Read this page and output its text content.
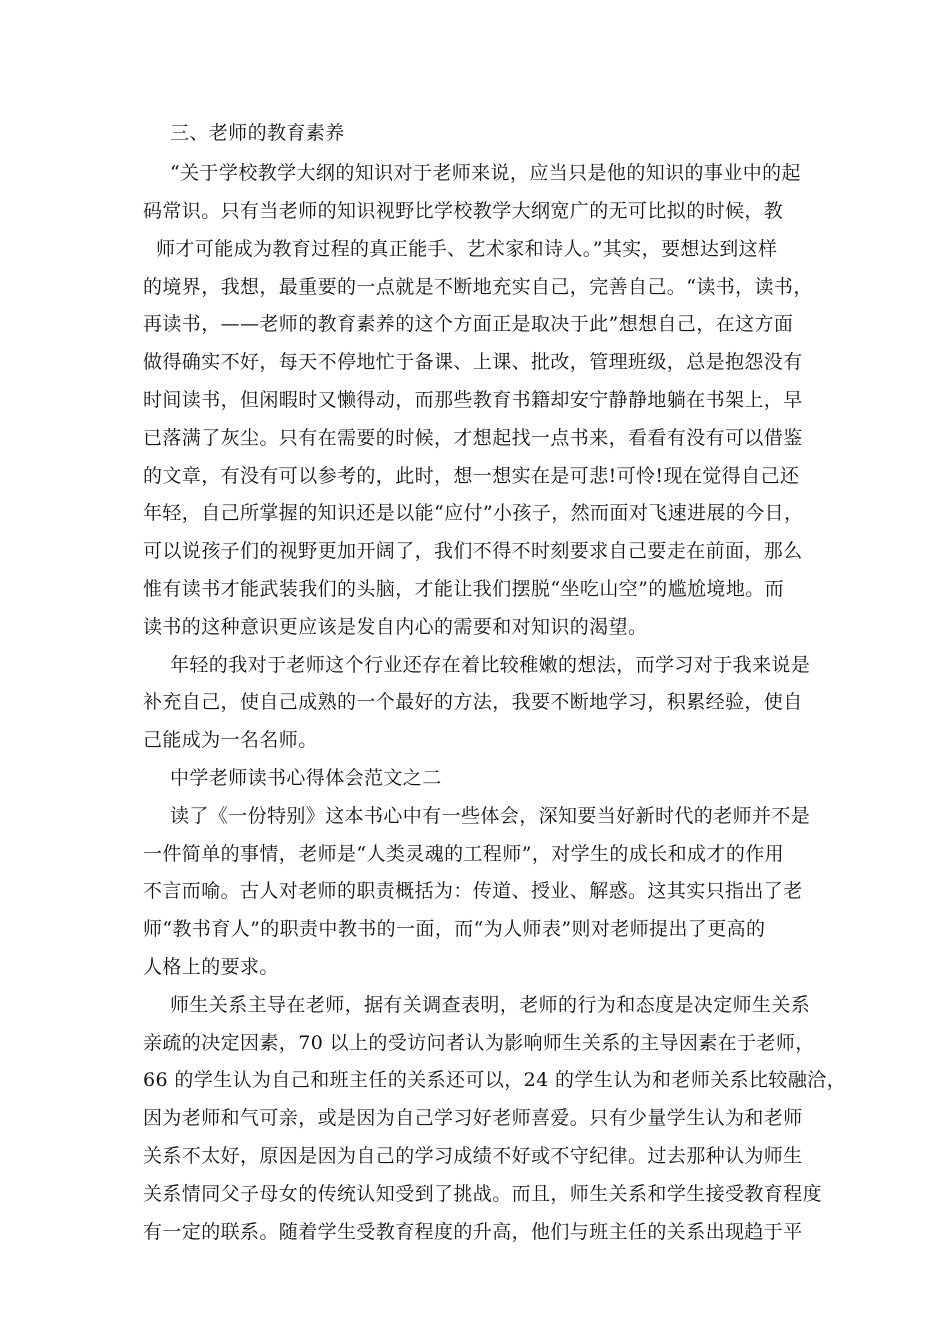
三、老师的教育素养
“关于学校教学大纲的知识对于老师来说，应当只是他的知识的事业中的起
码常识。只有当老师的知识视野比学校教学大纲宽广的无可比拟的时候，教
师才可能成为教育过程的真正能手、艺术家和诗人。”其实，要想达到这样
的境界，我想，最重要的一点就是不断地充实自己，完善自己。“读书，读书，
再读书，——老师的教育素养的这个方面正是取决于此”想想自己，在这方面
做得确实不好，每天不停地忙于备课、上课、批改，管理班级，总是抱怨没有
时间读书，但闲暇时又懒得动，而那些教育书籍却安宁静静地躺在书架上，早
已落满了灰尘。只有在需要的时候，才想起找一点书来，看看有没有可以借鉴
的文章，有没有可以参考的，此时，想一想实在是可悲!可怜!现在觉得自己还
年轻，自己所掌握的知识还是以能“应付”小孩子，然而面对飞速进展的今日，
可以说孩子们的视野更加开阔了，我们不得不时刻要求自己要走在前面，那么
惟有读书才能武装我们的头脑，才能让我们摆脱“坐吃山空”的尴尬境地。而
读书的这种意识更应该是发自内心的需要和对知识的渴望。
年轻的我对于老师这个行业还存在着比较稚嫩的想法，而学习对于我来说是
补充自己，使自己成熟的一个最好的方法，我要不断地学习，积累经验，使自
己能成为一名名师。
中学老师读书心得体会范文之二
读了《一份特别》这本书心中有一些体会，深知要当好新时代的老师并不是
一件简单的事情，老师是“人类灵魂的工程师”，对学生的成长和成才的作用
不言而喻。古人对老师的职责概括为：传道、授业、解惑。这其实只指出了老
师“教书育人”的职责中教书的一面，而“为人师表”则对老师提出了更高的
人格上的要求。
师生关系主导在老师，据有关调查表明，老师的行为和态度是决定师生关系
亲疏的决定因素，70 以上的受访问者认为影响师生关系的主导因素在于老师，
66 的学生认为自己和班主任的关系还可以，24 的学生认为和老师关系比较融洽，
因为老师和气可亲，或是因为自己学习好老师喜爱。只有少量学生认为和老师
关系不太好，原因是因为自己的学习成绩不好或不守纪律。过去那种认为师生
关系情同父子母女的传统认知受到了挑战。而且，师生关系和学生接受教育程度
有一定的联系。随着学生受教育程度的升高，他们与班主任的关系出现趋于平
